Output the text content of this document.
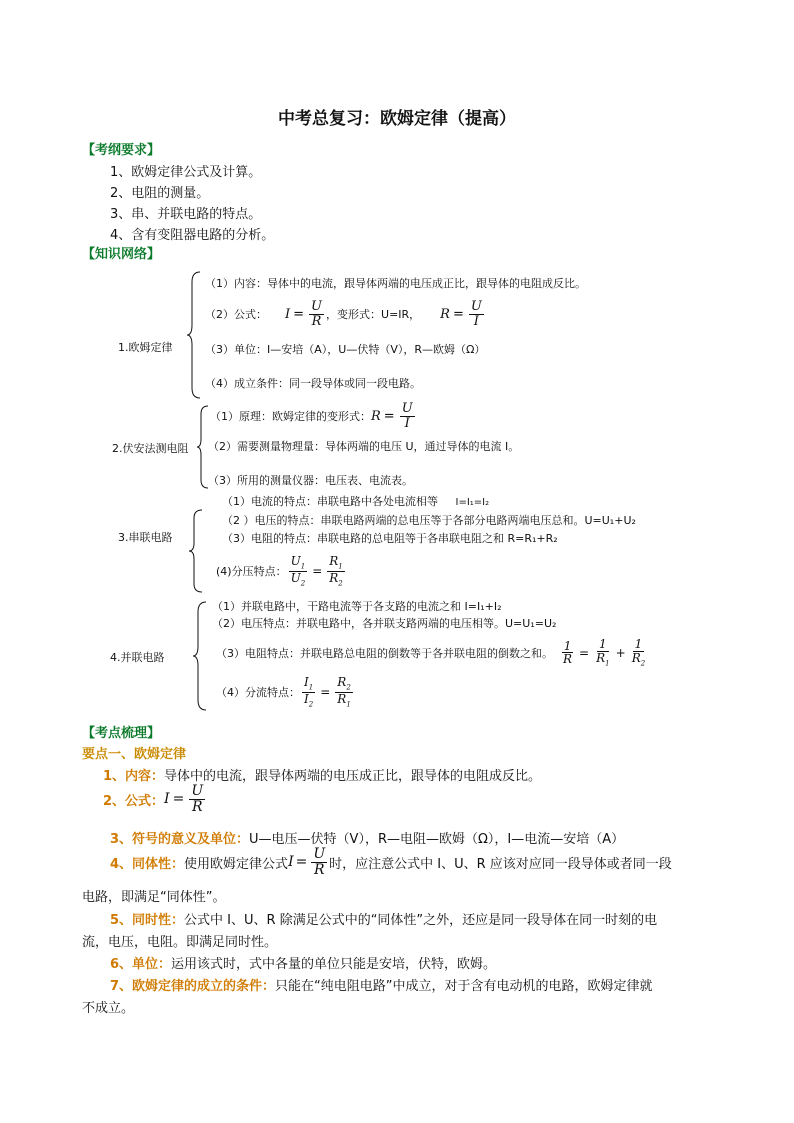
中考总复习：欧姆定律（提高）
【考纲要求】
1、欧姆定律公式及计算。
2、电阻的测量。
3、串、并联电路的特点。
4、含有变阻器电路的分析。
【知识网络】
1.欧姆定律
（1）内容：导体中的电流，跟导体两端的电压成正比，跟导体的电阻成反比。
（2）公式： $I = \frac{U}{R}$ ，变形式：U=IR， $R = \frac{U}{I}$
（3）单位：I—安培（A），U—伏特（V），R—欧姆（Ω）
（4）成立条件：同一段导体或同一段电路。
2.伏安法测电阻
（1）原理：欧姆定律的变形式： $R = \frac{U}{I}$
（2）需要测量物理量：导体两端的电压 U，通过导体的电流 I。
（3）所用的测量仪器：电压表、电流表。
3.串联电路
（1）电流的特点：串联电路中各处电流相等 I=I₁=I₂
（2 ）电压的特点：串联电路两端的总电压等于各部分电路两端电压总和。U=U₁+U₂
（3）电阻的特点：串联电路的总电阻等于各串联电阻之和 R=R₁+R₂
(4)分压特点： $\frac{U_1}{U_2} = \frac{R_1}{R_2}$
4.并联电路
（1）并联电路中，干路电流等于各支路的电流之和 I=I₁+I₂
（2）电压特点：并联电路中，各并联支路两端的电压相等。U=U₁=U₂
（3）电阻特点：并联电路总电阻的倒数等于各并联电阻的倒数之和。 $\frac{1}{R} = \frac{1}{R_1} + \frac{1}{R_2}$
（4）分流特点： $\frac{I_1}{I_2} = \frac{R_2}{R_1}$
【考点梳理】
要点一、欧姆定律
1、内容：导体中的电流，跟导体两端的电压成正比，跟导体的电阻成反比。
2、公式： $I = \frac{U}{R}$
3、符号的意义及单位：U—电压—伏特（V），R—电阻—欧姆（Ω），I—电流—安培（A）
4、同体性： 使用欧姆定律公式 $I = \frac{U}{R}$ 时，应注意公式中 I、U、R 应该对应同一段导体或者同一段
电路，即满足“同体性”。
5、同时性：公式中 I、U、R 除满足公式中的“同体性”之外，还应是同一段导体在同一时刻的电
流，电压，电阻。即满足同时性。
6、单位：运用该式时，式中各量的单位只能是安培，伏特，欧姆。
7、欧姆定律的成立的条件：只能在“纯电阻电路”中成立，对于含有电动机的电路，欧姆定律就
不成立。
